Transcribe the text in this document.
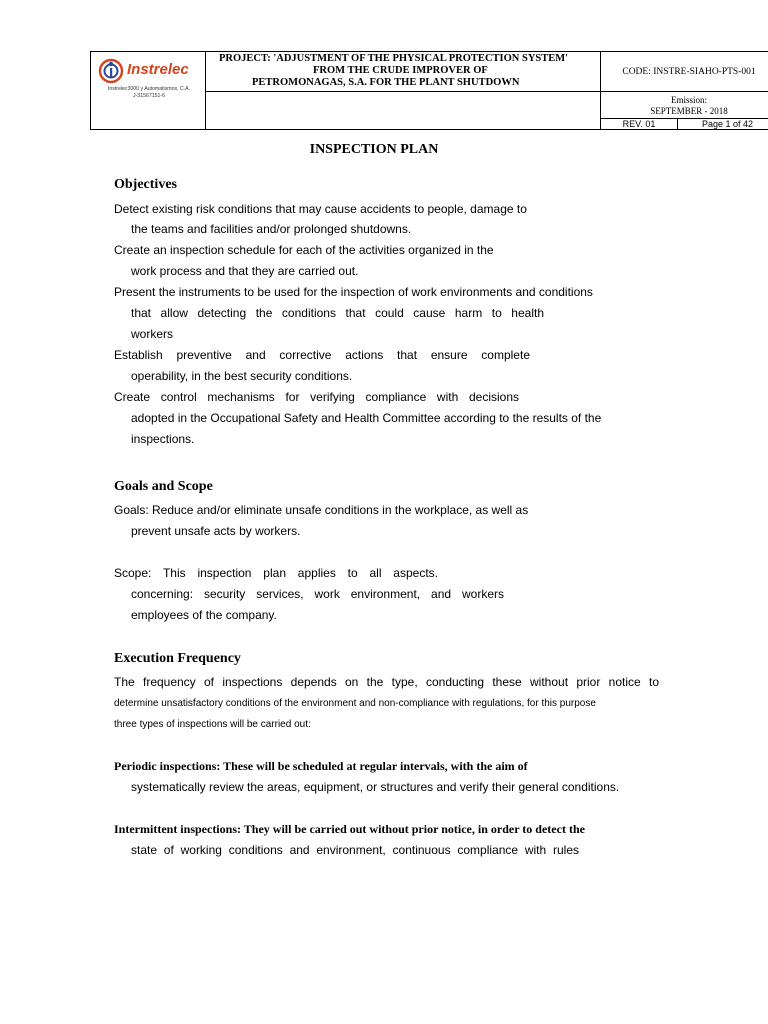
Instrelec
Instrelec3000 y Automatismos, C.A.
J-31567151-6
PROJECT: 'ADJUSTMENT OF THE PHYSICAL PROTECTION SYSTEM'
FROM THE CRUDE IMPROVER OF
PETROMONAGAS, S.A. FOR THE PLANT SHUTDOWN
CODE: INSTRE-SIAHO-PTS-001
Emission:
SEPTEMBER - 2018
REV. 01	Page 1 of 42
INSPECTION PLAN
Objectives
Detect existing risk conditions that may cause accidents to people, damage to
the teams and facilities and/or prolonged shutdowns.
Create an inspection schedule for each of the activities organized in the
work process and that they are carried out.
Present the instruments to be used for the inspection of work environments and conditions
that allow detecting the conditions that could cause harm to health
workers
Establish preventive and corrective actions that ensure complete
operability, in the best security conditions.
Create control mechanisms for verifying compliance with decisions
adopted in the Occupational Safety and Health Committee according to the results of the
inspections.
Goals and Scope
Goals: Reduce and/or eliminate unsafe conditions in the workplace, as well as
prevent unsafe acts by workers.
Scope: This inspection plan applies to all aspects.
concerning: security services, work environment, and workers
employees of the company.
Execution Frequency
The frequency of inspections depends on the type, conducting these without prior notice to
determine unsatisfactory conditions of the environment and non-compliance with regulations, for this purpose
three types of inspections will be carried out:
Periodic inspections: These will be scheduled at regular intervals, with the aim of
systematically review the areas, equipment, or structures and verify their general conditions.
Intermittent inspections: They will be carried out without prior notice, in order to detect the
state of working conditions and environment, continuous compliance with rules
